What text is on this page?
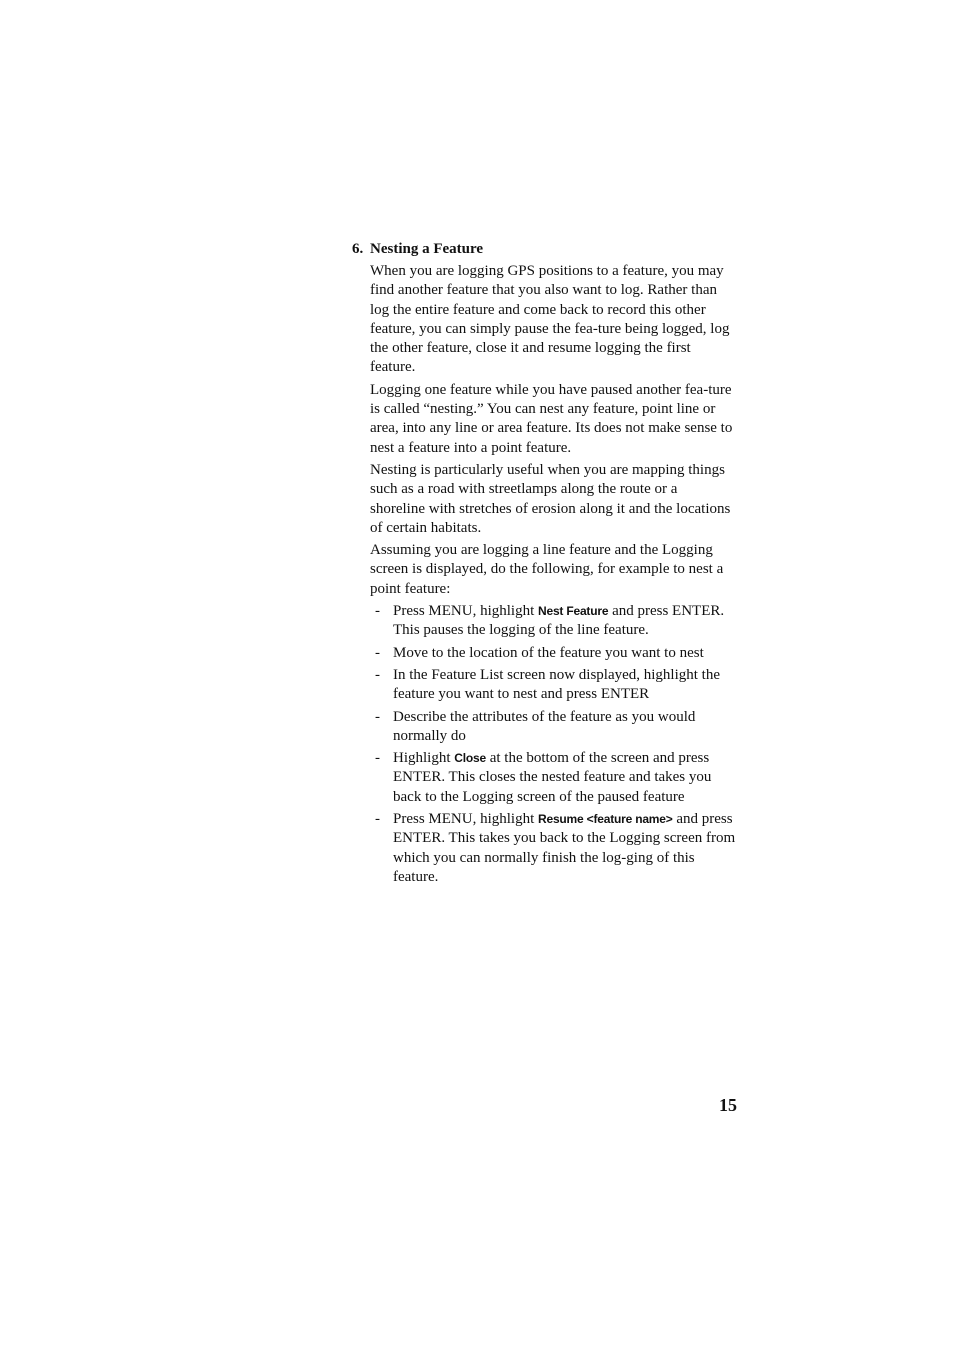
6. Nesting a Feature

When you are logging GPS positions to a feature, you may find another feature that you also want to log. Rather than log the entire feature and come back to record this other feature, you can simply pause the fea-ture being logged, log the other feature, close it and resume logging the first feature.

Logging one feature while you have paused another fea-ture is called “nesting.” You can nest any feature, point line or area, into any line or area feature. Its does not make sense to nest a feature into a point feature.

Nesting is particularly useful when you are mapping things such as a road with streetlamps along the route or a shoreline with stretches of erosion along it and the locations of certain habitats.

Assuming you are logging a line feature and the Logging screen is displayed, do the following, for example to nest a point feature:

- Press MENU, highlight Nest Feature and press ENTER. This pauses the logging of the line feature.
- Move to the location of the feature you want to nest
- In the Feature List screen now displayed, highlight the feature you want to nest and press ENTER
- Describe the attributes of the feature as you would normally do
- Highlight Close at the bottom of the screen and press ENTER. This closes the nested feature and takes you back to the Logging screen of the paused feature
- Press MENU, highlight Resume <feature name> and press ENTER. This takes you back to the Logging screen from which you can normally finish the log-ging of this feature.
15
